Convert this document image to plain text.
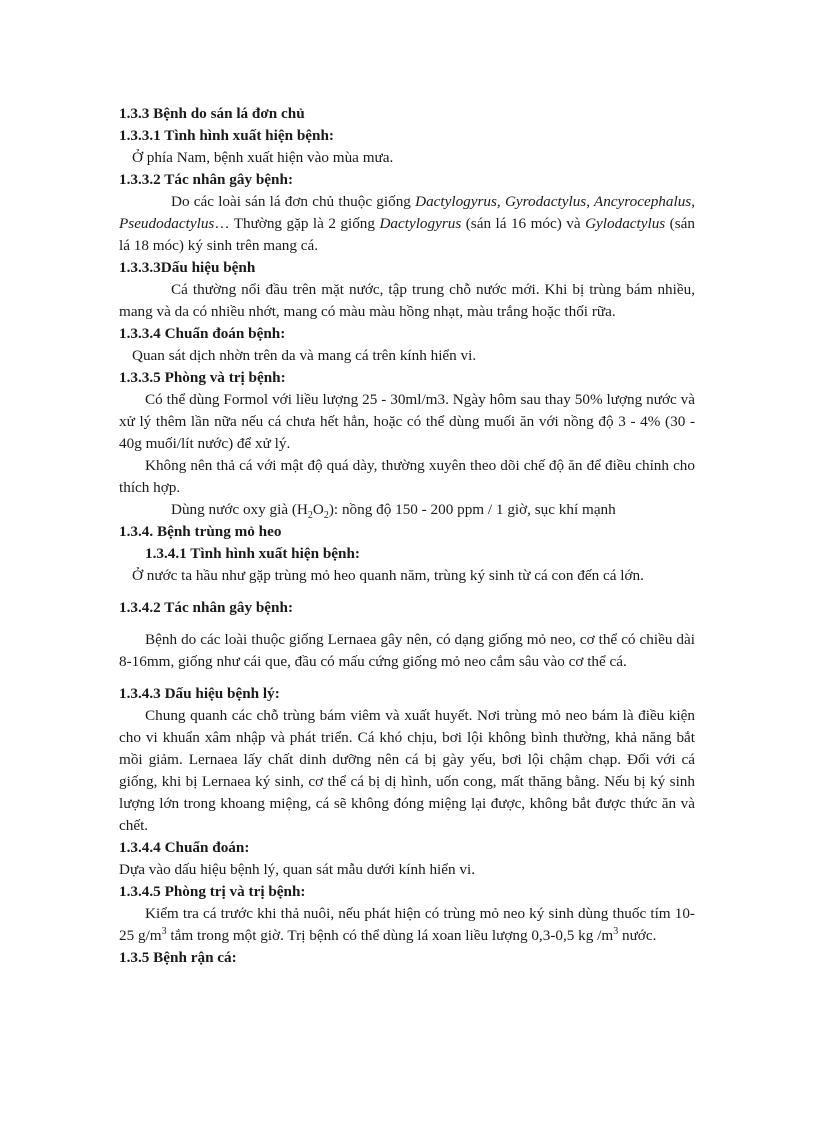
1.3.3 Bệnh do sán lá đơn chủ

1.3.3.1 Tình hình xuất hiện bệnh:

Ở phía Nam, bệnh xuất hiện vào mùa mưa.

1.3.3.2 Tác nhân gây bệnh:

Do các loài sán lá đơn chủ thuộc giống Dactylogyrus, Gyrodactylus, Ancyrocephalus, Pseudodactylus… Thường gặp là 2 giống Dactylogyrus (sán lá 16 móc) và Gylodactylus (sán lá 18 móc) ký sinh trên mang cá.

1.3.3.3Dấu hiệu bệnh

Cá thường nổi đầu trên mặt nước, tập trung chỗ nước mới. Khi bị trùng bám nhiều, mang và da có nhiều nhớt, mang có màu màu hồng nhạt, màu trắng hoặc thối rữa.

1.3.3.4 Chuẩn đoán bệnh:

Quan sát dịch nhờn trên da và mang cá trên kính hiển vi.

1.3.3.5 Phòng và trị bệnh:

Có thể dùng Formol với liều lượng 25 - 30ml/m3. Ngày hôm sau thay 50% lượng nước và xử lý thêm lần nữa nếu cá chưa hết hẳn, hoặc có thể dùng muối ăn với nồng độ 3 - 4% (30 - 40g muối/lít nước) để xử lý.

Không nên thả cá với mật độ quá dày, thường xuyên theo dõi chế độ ăn để điều chỉnh cho thích hợp.

Dùng nước oxy già $(H_2O_2)$: nồng độ 150 - 200 ppm / 1 giờ, sục khí mạnh

1.3.4. Bệnh trùng mỏ heo

1.3.4.1 Tình hình xuất hiện bệnh:

Ở nước ta hầu như gặp trùng mỏ heo quanh năm, trùng ký sinh từ cá con đến cá lớn.

1.3.4.2 Tác nhân gây bệnh:

Bệnh do các loài thuộc giống Lernaea gây nên, có dạng giống mỏ neo, cơ thể có chiều dài 8-16mm, giống như cái que, đầu có mấu cứng giống mỏ neo cắm sâu vào cơ thể cá.

1.3.4.3 Dấu hiệu bệnh lý:

Chung quanh các chỗ trùng bám viêm và xuất huyết. Nơi trùng mỏ neo bám là điều kiện cho vi khuẩn xâm nhập và phát triển. Cá khó chịu, bơi lội không bình thường, khả năng bắt mồi giảm. Lernaea lấy chất dinh dưỡng nên cá bị gày yếu, bơi lội chậm chạp. Đối với cá giống, khi bị Lernaea ký sinh, cơ thể cá bị dị hình, uốn cong, mất thăng bằng. Nếu bị ký sinh lượng lớn trong khoang miệng, cá sẽ không đóng miệng lại được, không bắt được thức ăn và chết.

1.3.4.4 Chuẩn đoán:

Dựa vào dấu hiệu bệnh lý, quan sát mẫu dưới kính hiển vi.

1.3.4.5 Phòng trị và trị bệnh:

Kiểm tra cá trước khi thả nuôi, nếu phát hiện có trùng mỏ neo ký sinh dùng thuốc tím 10-25 $g/m^3$ tắm trong một giờ. Trị bệnh có thể dùng lá xoan liều lượng 0,3-0,5 kg $/m^3$ nước.

1.3.5 Bệnh rận cá:
